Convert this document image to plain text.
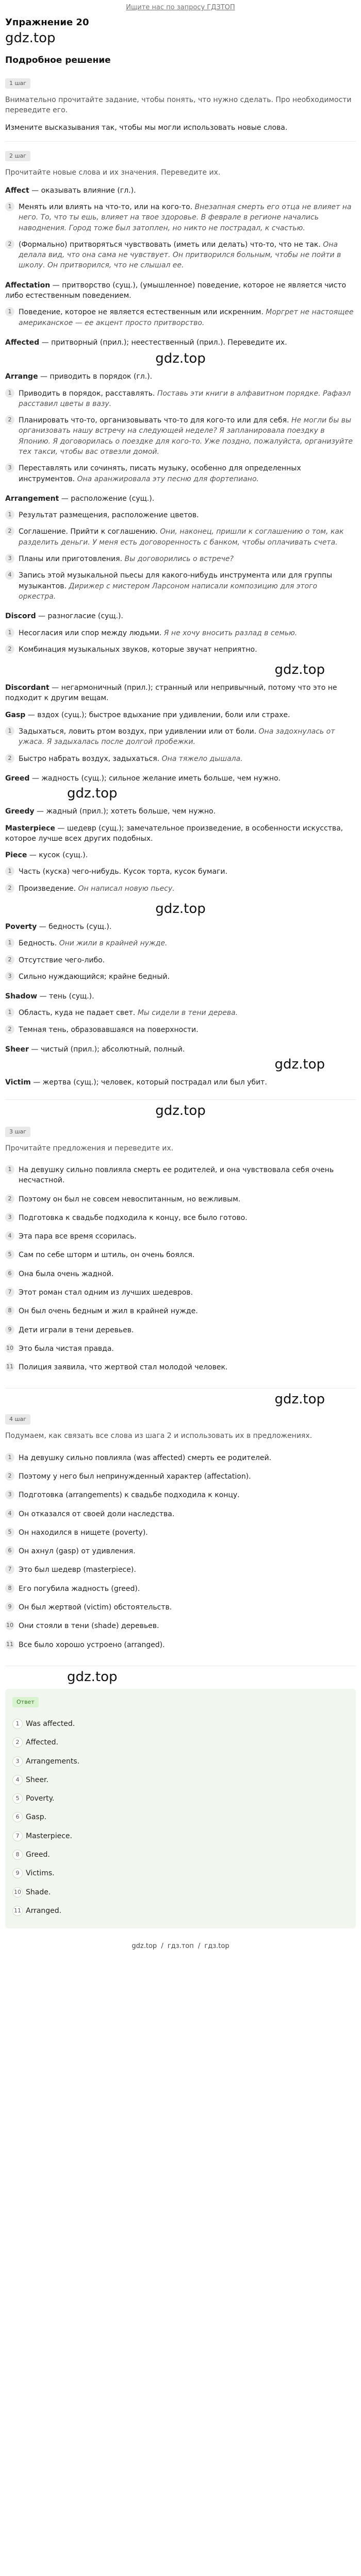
Ищите нас по запросу ГДЗТОП
Упражнение 20
gdz.top
Подробное решение
1 шаг
Внимательно прочитайте задание, чтобы понять, что нужно сделать. Про необходимости переведите его.
Измените высказывания так, чтобы мы могли использовать новые слова.
2 шаг
Прочитайте новые слова и их значения. Переведите их.
Affect — оказывать влияние (гл.).
Менять или влиять на что-то, или на кого-то. Внезапная смерть его отца не влияет на него. То, что ты ешь, влияет на твое здоровье. В феврале в регионе начались наводнения. Город тоже был затоплен, но никто не пострадал, к счастью.
(Формально) притворяться чувствовать (иметь или делать) что-то, что не так. Она делала вид, что она сама не чувствует. Он притворился больным, чтобы не пойти в школу. Он притворился, что не слышал ее.
Affectation — притворство (сущ.), (умышленное) поведение, которое не является чисто либо естественным поведением.
Поведение, которое не является естественным или искренним. Моргрет не настоящее американское — ее акцент просто притворство.
Affected — притворный (прил.); неестественный (прил.). Переведите их.
gdz.top
Arrange — приводить в порядок (гл.).
Приводить в порядок, расставлять. Поставь эти книги в алфавитном порядке. Рафаэл расставил цветы в вазу.
Планировать что-то, организовывать что-то для кого-то или для себя. Не могли бы вы организовать нашу встречу на следующей неделе? Я запланировала поездку в Японию. Я договорилась о поездке для кого-то. Уже поздно, пожалуйста, организуйте тех такси, чтобы вас отвезли домой.
Переставлять или сочинять, писать музыку, особенно для определенных инструментов. Она аранжировала эту песню для фортепиано.
Arrangement — расположение (сущ.).
Результат размещения, расположение цветов.
Соглашение. Прийти к соглашению. Они, наконец, пришли к соглашению о том, как разделить деньги. У меня есть договоренность с банком, чтобы оплачивать счета.
Планы или приготовления. Вы договорились о встрече?
Запись этой музыкальной пьесы для какого-нибудь инструмента или для группы музыкантов. Дирижер с мистером Ларсоном написали композицию для этого оркестра.
Discord — разногласие (сущ.).
Несогласия или спор между людьми. Я не хочу вносить разлад в семью.
Комбинация музыкальных звуков, которые звучат неприятно.
gdz.top
Discordant — негармоничный (прил.); странный или непривычный, потому что это не подходит к другим вещам.
Gasp — вздох (сущ.); быстрое вдыхание при удивлении, боли или страхе.
Задыхаться, ловить ртом воздух, при удивлении или от боли. Она задохнулась от ужаса. Я задыхалась после долгой пробежки.
Быстро набрать воздух, задыхаться. Она тяжело дышала.
Greed — жадность (сущ.); сильное желание иметь больше, чем нужно.
gdz.top
Greedy — жадный (прил.); хотеть больше, чем нужно.
Masterpiece — шедевр (сущ.); замечательное произведение, в особенности искусства, которое лучше всех других подобных.
Piece — кусок (сущ.).
Часть (куска) чего-нибудь. Кусок торта, кусок бумаги.
Произведение. Он написал новую пьесу.
gdz.top
Poverty — бедность (сущ.).
Бедность. Они жили в крайней нужде.
Отсутствие чего-либо.
Сильно нуждающийся; крайне бедный.
Shadow — тень (сущ.).
Область, куда не падает свет. Мы сидели в тени дерева.
Темная тень, образовавшаяся на поверхности.
Sheer — чистый (прил.); абсолютный, полный.
gdz.top
Victim — жертва (сущ.); человек, который пострадал или был убит.
gdz.top
3 шаг
Прочитайте предложения и переведите их.
На девушку сильно повлияла смерть ее родителей, и она чувствовала себя очень несчастной.
Поэтому он был не совсем невоспитанным, но вежливым.
Подготовка к свадьбе подходила к концу, все было готово.
Эта пара все время ссорилась.
Сам по себе шторм и штиль, он очень боялся.
Она была очень жадной.
Этот роман стал одним из лучших шедевров.
Он был очень бедным и жил в крайней нужде.
Дети играли в тени деревьев.
Это была чистая правда.
Полиция заявила, что жертвой стал молодой человек.
gdz.top
4 шаг
Подумаем, как связать все слова из шага 2 и использовать их в предложениях.
На девушку сильно повлияла (was affected) смерть ее родителей.
Поэтому у него был непринужденный характер (affectation).
Подготовка (arrangements) к свадьбе подходила к концу.
Он отказался от своей доли наследства.
Он находился в нищете (poverty).
Он ахнул (gasp) от удивления.
Это был шедевр (masterpiece).
Его погубила жадность (greed).
Он был жертвой (victim) обстоятельств.
Они стояли в тени (shade) деревьев.
Все было хорошо устроено (arranged).
gdz.top
Ответ
Was affected.
Affected.
Arrangements.
Sheer.
Poverty.
Gasp.
Masterpiece.
Greed.
Victims.
Shade.
Arranged.
gdz.top / гдз.топ / гдз.top
